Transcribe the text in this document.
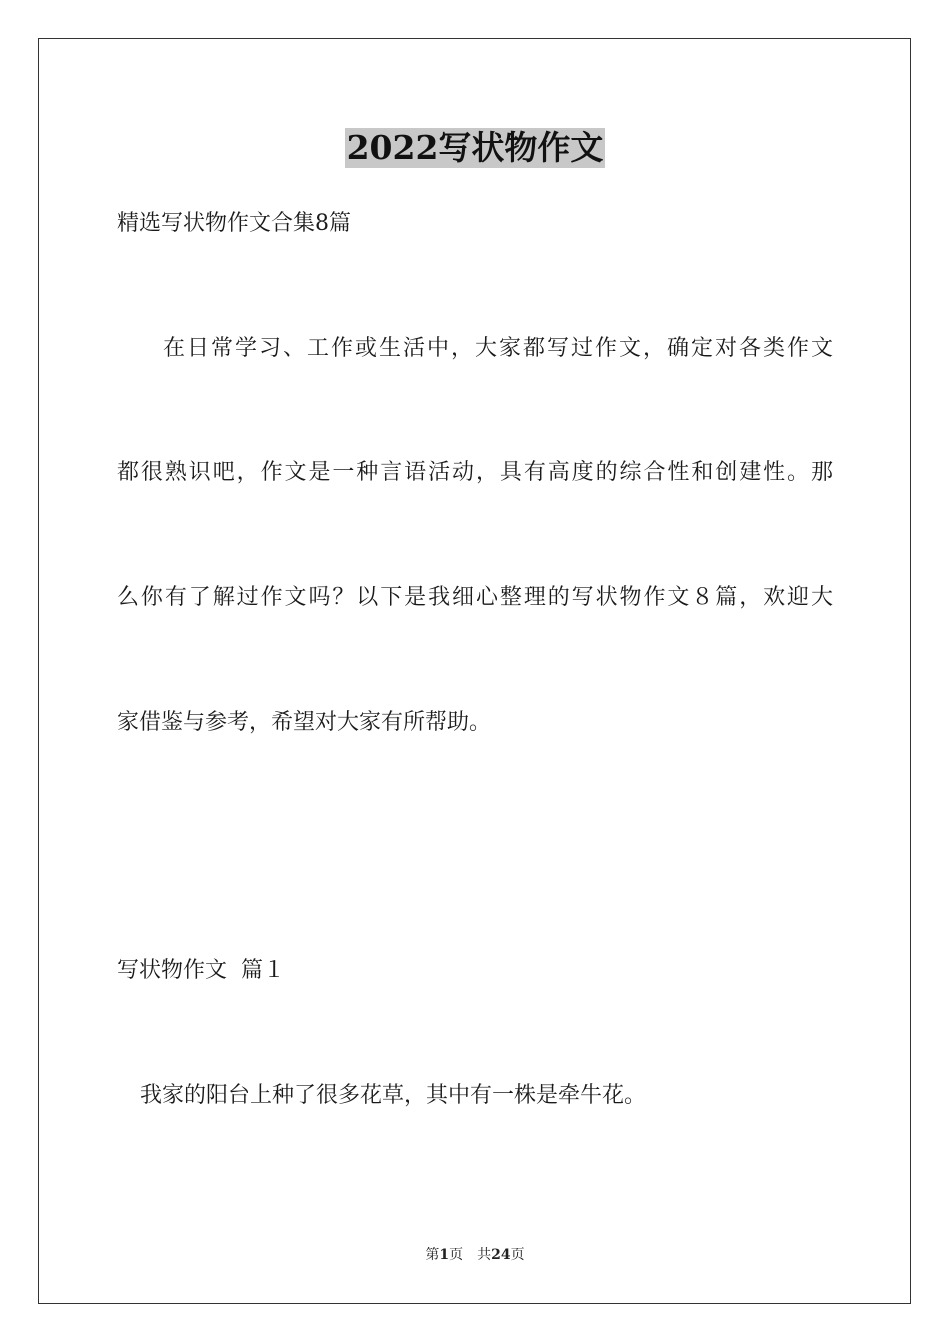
2022写状物作文
精选写状物作文合集8篇
在日常学习、工作或生活中，大家都写过作文，确定对各类作文
都很熟识吧，作文是一种言语活动，具有高度的综合性和创建性。那
么你有了解过作文吗？以下是我细心整理的写状物作文８篇，欢迎大
家借鉴与参考，希望对大家有所帮助。
写状物作文  篇１
我家的阳台上种了很多花草，其中有一株是牵牛花。
第1页 共24页
